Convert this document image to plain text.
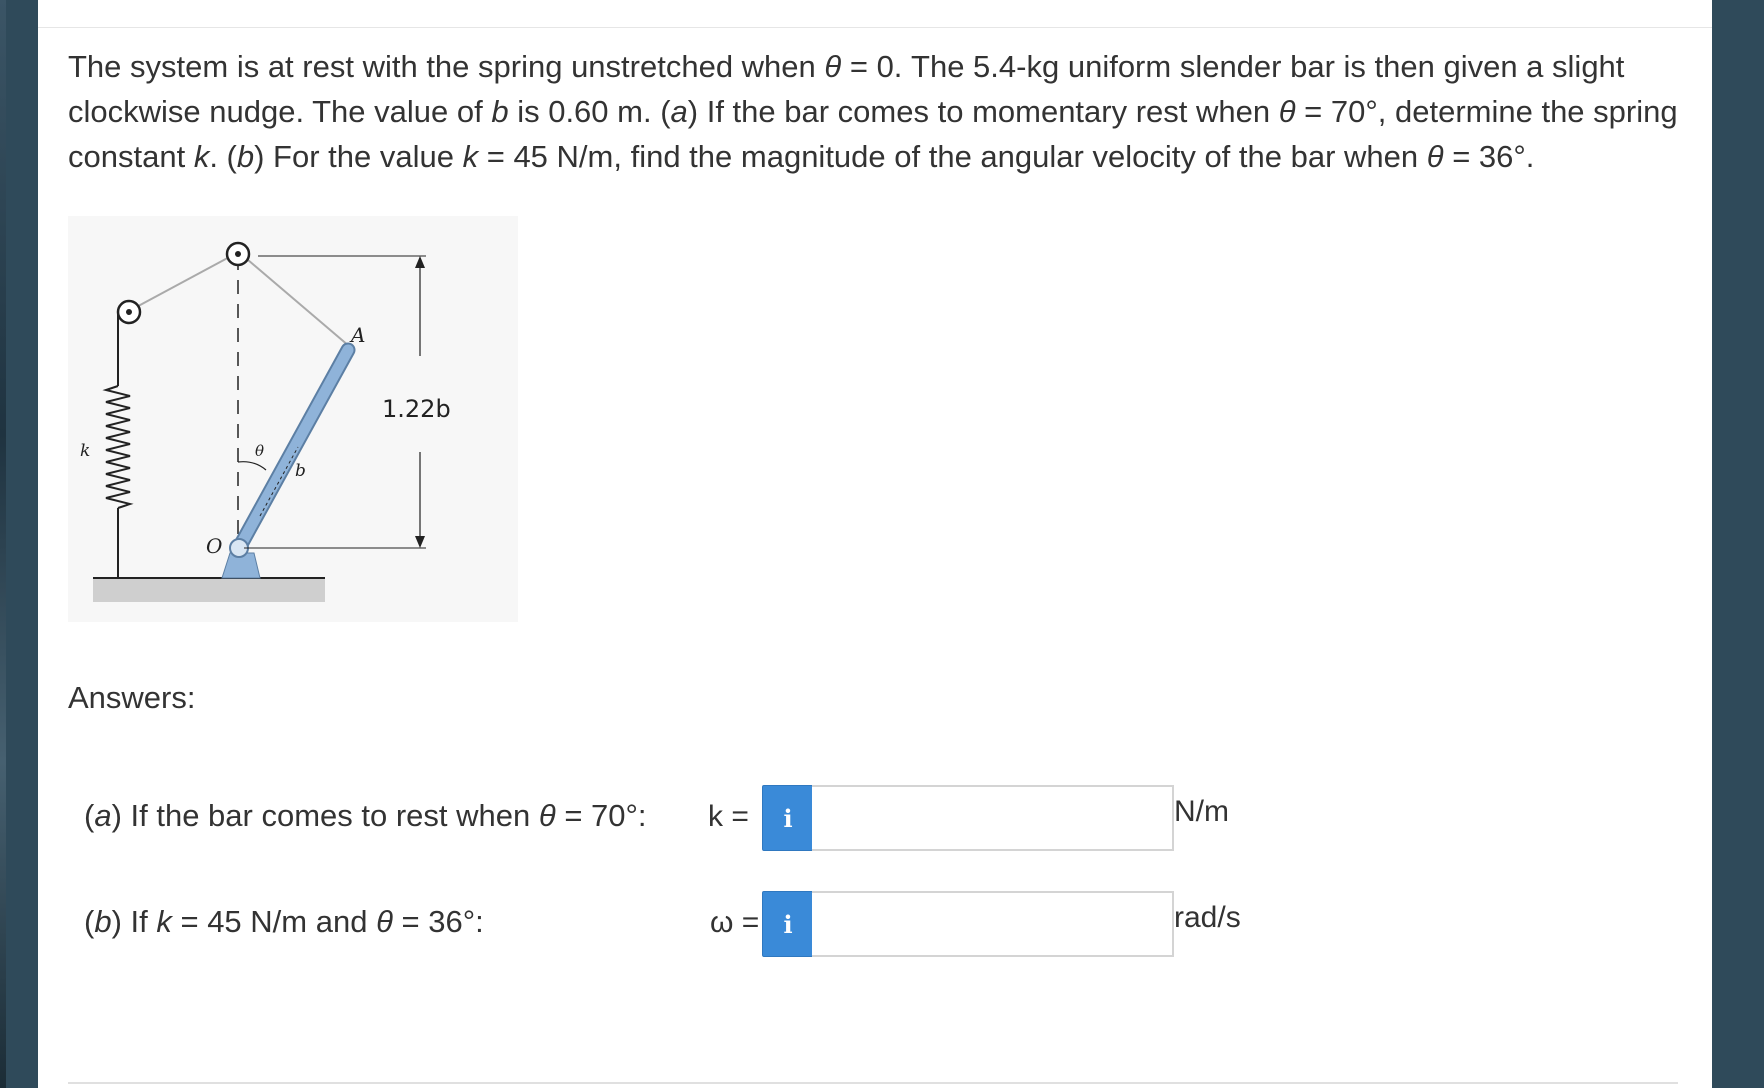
The system is at rest with the spring unstretched when θ = 0. The 5.4-kg uniform slender bar is then given a slight clockwise nudge. The value of b is 0.60 m. (a) If the bar comes to momentary rest when θ = 70°, determine the spring constant k. (b) For the value k = 45 N/m, find the magnitude of the angular velocity of the bar when θ = 36°.
A
1.22b
θ
b
k
O
Answers:
(a) If the bar comes to rest when θ = 70°: k =	i	N/m
(b) If k = 45 N/m and θ = 36°:	ω =	i	rad/s
